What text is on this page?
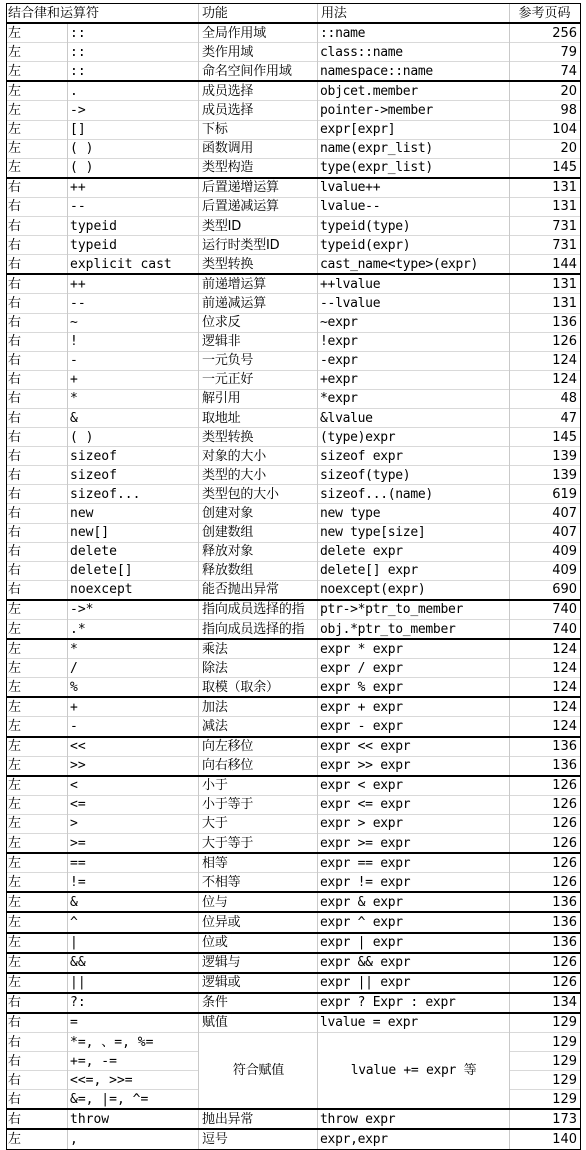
结合律和运算符		功能	用法	参考页码
左	::	全局作用域	::name	256
左	::	类作用域	class::name	79
左	::	命名空间作用域	namespace::name	74
左	.	成员选择	objcet.member	20
左	->	成员选择	pointer->member	98
左	[]	下标	expr[expr]	104
左	( )	函数调用	name(expr_list)	20
左	( )	类型构造	type(expr_list)	145
右	++	后置递增运算	lvalue++	131
右	--	后置递减运算	lvalue--	131
右	typeid	类型ID	typeid(type)	731
右	typeid	运行时类型ID	typeid(expr)	731
右	explicit cast	类型转换	cast_name<type>(expr)	144
右	++	前递增运算	++lvalue	131
右	--	前递减运算	--lvalue	131
右	~	位求反	~expr	136
右	!	逻辑非	!expr	126
右	-	一元负号	-expr	124
右	+	一元正好	+expr	124
右	*	解引用	*expr	48
右	&	取地址	&lvalue	47
右	( )	类型转换	(type)expr	145
右	sizeof	对象的大小	sizeof expr	139
右	sizeof	类型的大小	sizeof(type)	139
右	sizeof...	类型包的大小	sizeof...(name)	619
右	new	创建对象	new type	407
右	new[]	创建数组	new type[size]	407
右	delete	释放对象	delete expr	409
右	delete[]	释放数组	delete[] expr	409
右	noexcept	能否抛出异常	noexcept(expr)	690
左	->*	指向成员选择的指	ptr->*ptr_to_member	740
左	.*	指向成员选择的指	obj.*ptr_to_member	740
左	*	乘法	expr * expr	124
左	/	除法	expr / expr	124
左	%	取模（取余）	expr % expr	124
左	+	加法	expr + expr	124
左	-	减法	expr - expr	124
左	<<	向左移位	expr << expr	136
左	>>	向右移位	expr >> expr	136
左	<	小于	expr < expr	126
左	<=	小于等于	expr <= expr	126
左	>	大于	expr > expr	126
左	>=	大于等于	expr >= expr	126
左	==	相等	expr == expr	126
左	!=	不相等	expr != expr	126
左	&	位与	expr & expr	136
左	^	位异或	expr ^ expr	136
左	|	位或	expr | expr	136
左	&&	逻辑与	expr && expr	126
左	||	逻辑或	expr || expr	126
右	?:	条件	expr ? Expr : expr	134
右	=	赋值	lvalue = expr	129
右	*=, 、=, %=	符合赋值	lvalue += expr 等	129
右	+=, -=			129
右	<<=, >>=			129
右	&=, |=, ^=			129
右	throw	抛出异常	throw expr	173
左	,	逗号	expr,expr	140
